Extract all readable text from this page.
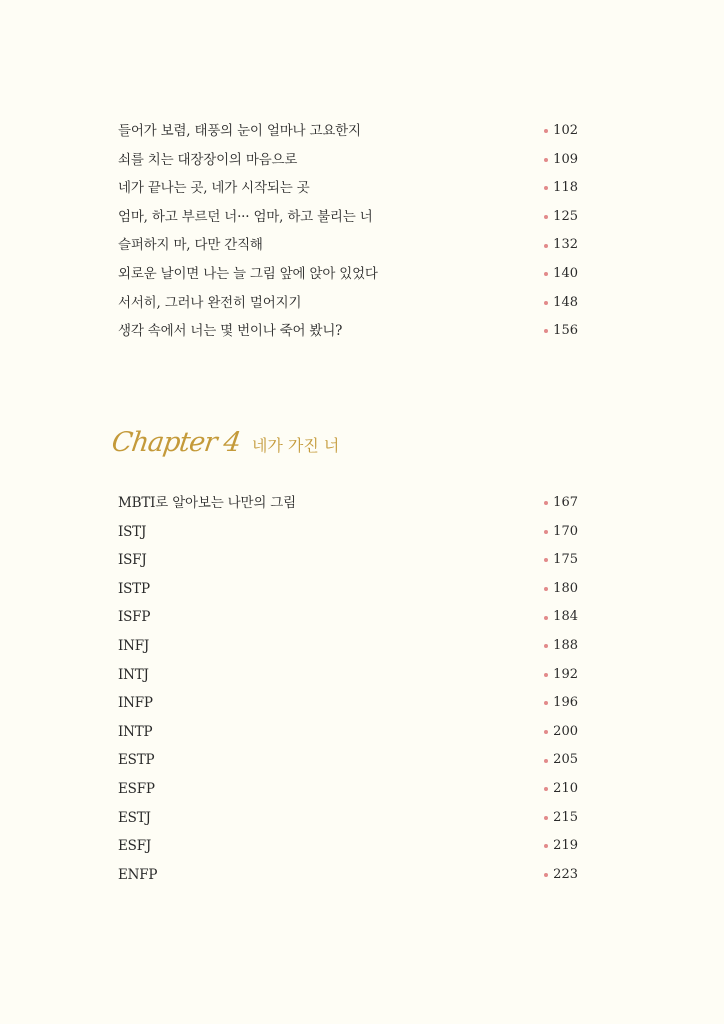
들어가 보렴, 태풍의 눈이 얼마나 고요한지	102
쇠를 치는 대장장이의 마음으로	109
네가 끝나는 곳, 네가 시작되는 곳	118
엄마, 하고 부르던 너··· 엄마, 하고 불리는 너	125
슬퍼하지 마, 다만 간직해	132
외로운 날이면 나는 늘 그림 앞에 앉아 있었다	140
서서히, 그러나 완전히 멀어지기	148
생각 속에서 너는 몇 번이나 죽어 봤니?	156
Chapter 4 네가 가진 너
MBTI로 알아보는 나만의 그림	167
ISTJ	170
ISFJ	175
ISTP	180
ISFP	184
INFJ	188
INTJ	192
INFP	196
INTP	200
ESTP	205
ESFP	210
ESTJ	215
ESFJ	219
ENFP	223
